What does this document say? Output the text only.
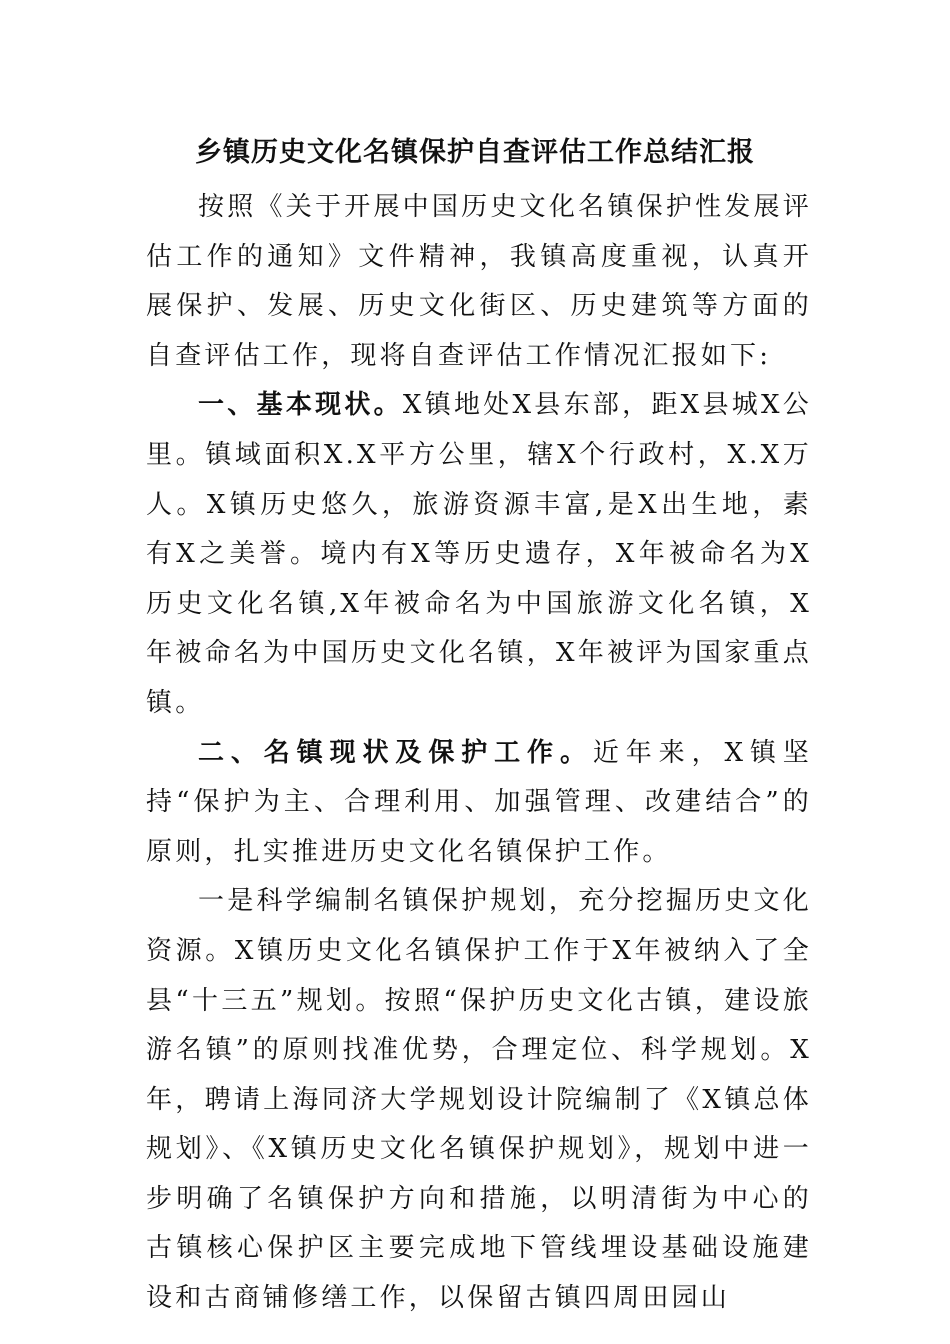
乡镇历史文化名镇保护自查评估工作总结汇报

按照《关于开展中国历史文化名镇保护性发展评估工作的通知》文件精神，我镇高度重视，认真开展保护、发展、历史文化街区、历史建筑等方面的自查评估工作，现将自查评估工作情况汇报如下:

一、基本现状。X镇地处X县东部，距X县城X公里。镇域面积X.X平方公里，辖X个行政村，X.X万人。X镇历史悠久，旅游资源丰富,是X出生地，素有X之美誉。境内有X等历史遗存，X年被命名为X历史文化名镇,X年被命名为中国旅游文化名镇，X年被命名为中国历史文化名镇，X年被评为国家重点镇。

二、名镇现状及保护工作。近年来，X镇坚持“保护为主、合理利用、加强管理、改建结合”的原则，扎实推进历史文化名镇保护工作。

一是科学编制名镇保护规划，充分挖掘历史文化资源。X镇历史文化名镇保护工作于X年被纳入了全县“十三五”规划。按照“保护历史文化古镇，建设旅游名镇”的原则找准优势，合理定位、科学规划。X年，聘请上海同济大学规划设计院编制了《X镇总体规划》、《X镇历史文化名镇保护规划》，规划中进一步明确了名镇保护方向和措施，以明清街为中心的古镇核心保护区主要完成地下管线埋设基础设施建设和古商铺修缮工作，以保留古镇四周田园山
